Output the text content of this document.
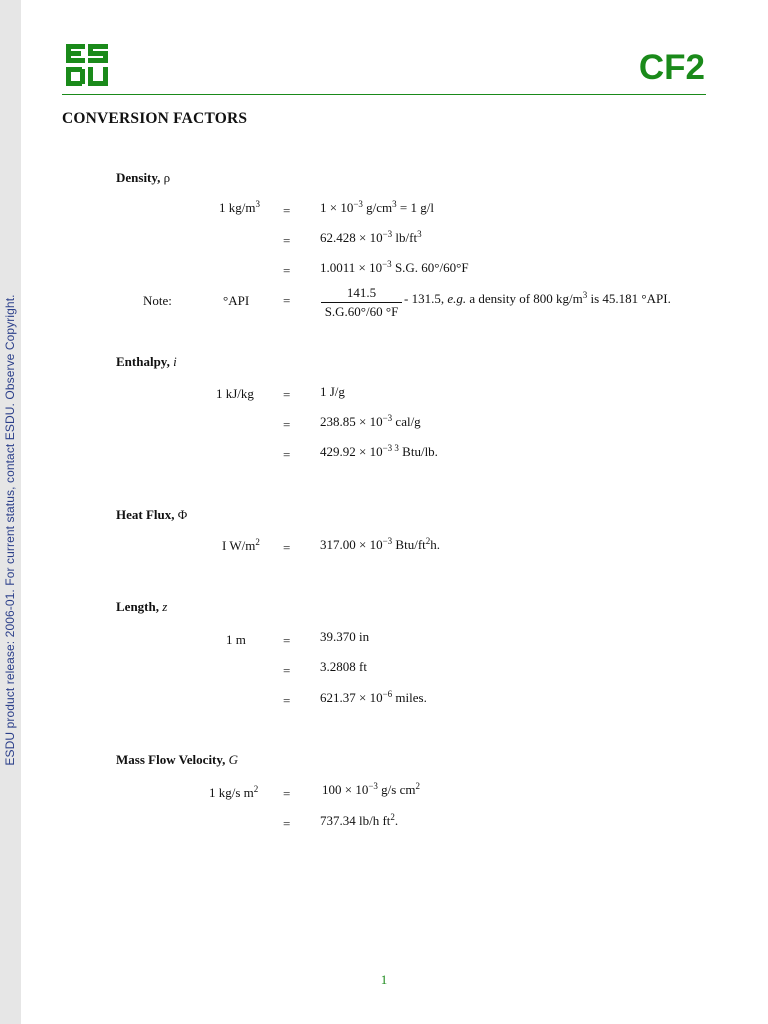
ESDU product release: 2006-01. For current status, contact ESDU. Observe Copyright.
CF2
CONVERSION FACTORS
Density, ρ
1 $kg/m^3 = 1 \times 10^{-3}$ $g/cm^3 = 1$ g/l
= $62.428 \times 10^{-3}$ $lb/ft^3$
= $1.0011 \times 10^{-3}$ S.G. 60°/60°F
Note:	°API	= $\frac{141.5}{S.G.60^\circ/60 ^\circ F} - 131.5$, e.g. a density of 800 $kg/m^3$ is 45.181 °API.
Enthalpy, i
1 kJ/kg = 1 J/g
= $238.85 \times 10^{-3}$ cal/g
= $429.92 \times 10^{-3 3}$ Btu/lb.
Heat Flux, Φ
I $W/m^2 = 317.00 \times 10^{-3}$ Btu/$ft^2h$.
Length, z
1 m	= 39.370 in
= 3.2808 ft
= $621.37 \times 10^{-6}$ miles.
Mass Flow Velocity, G
1 kg/s $m^2 = 100 \times 10^{-3}$ g/s $cm^2$
= 737.34 lb/h $ft^2$.
1
